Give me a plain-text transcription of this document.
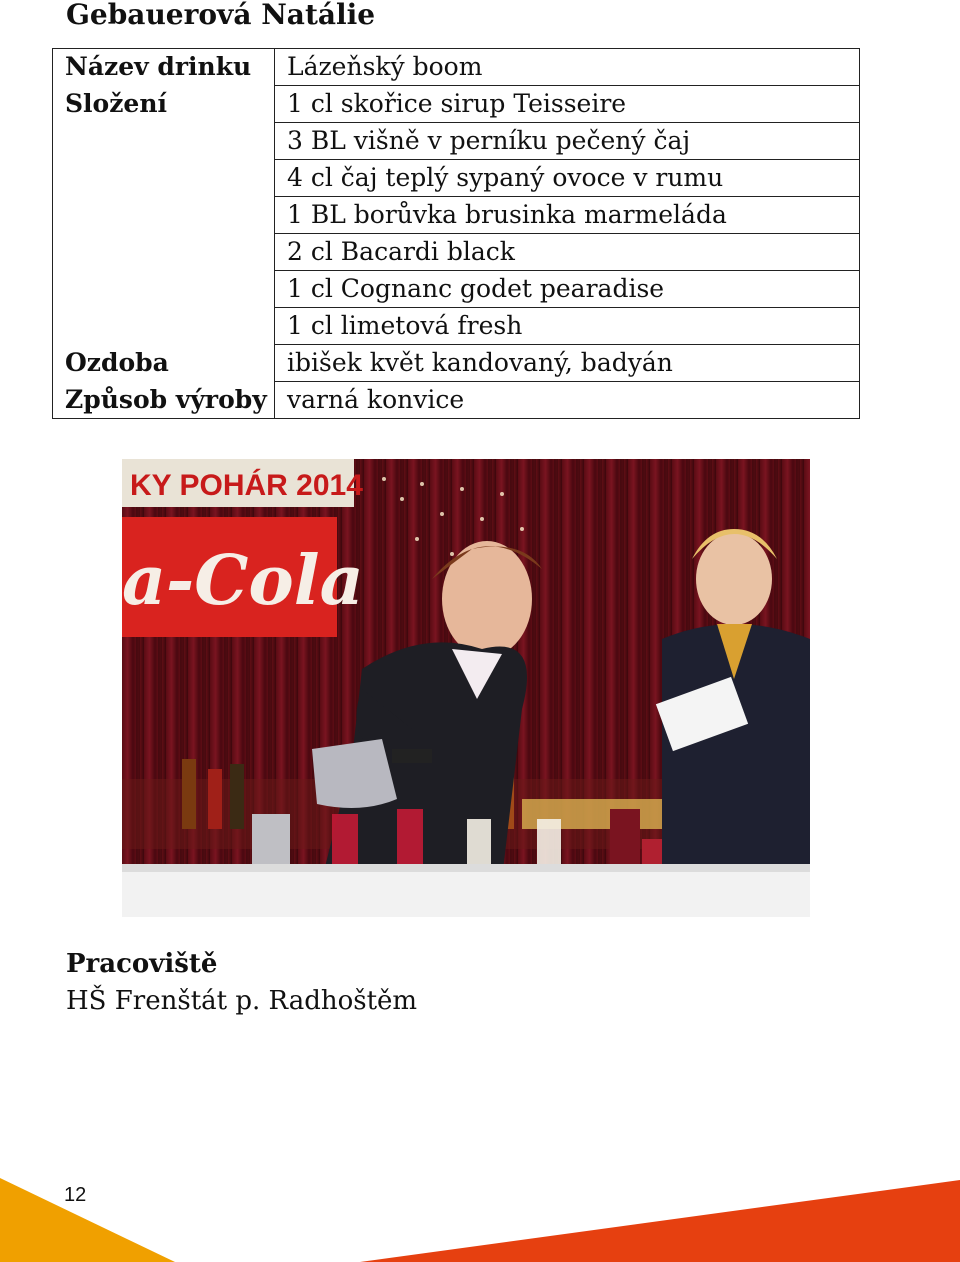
Gebauerová Natálie
Název drinku	Lázeňský boom
Složení	1 cl skořice sirup Teisseire
	3 BL višně v perníku pečený čaj
	4 cl čaj teplý sypaný ovoce v rumu
	1 BL borůvka brusinka marmeláda
	2 cl Bacardi black
	1 cl Cognanc godet pearadise
	1 cl limetová fresh
Ozdoba	ibišek květ kandovaný, badyán
Způsob výroby	varná konvice
KY POHÁR 2014
a-Cola
Pracoviště
HŠ Frenštát p. Radhoštěm
12
